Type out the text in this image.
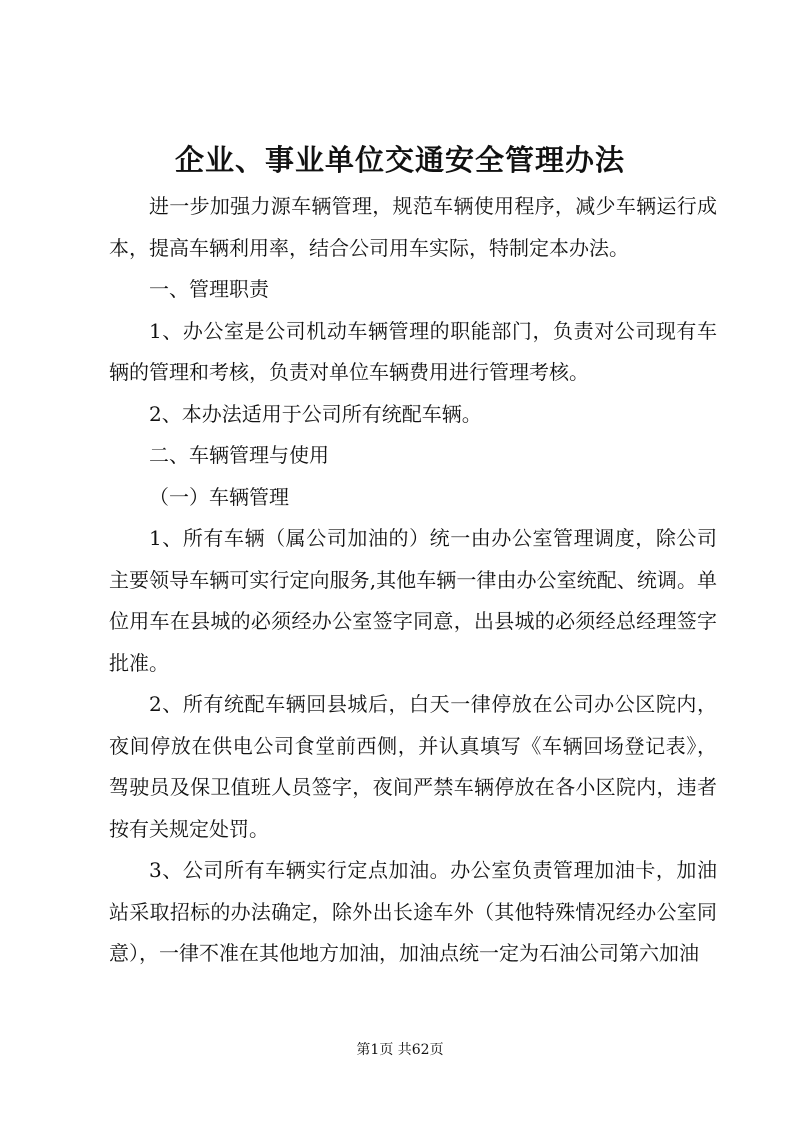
企业、事业单位交通安全管理办法

进一步加强力源车辆管理，规范车辆使用程序，减少车辆运行成本，提高车辆利用率，结合公司用车实际，特制定本办法。

一、管理职责

1、办公室是公司机动车辆管理的职能部门，负责对公司现有车辆的管理和考核，负责对单位车辆费用进行管理考核。

2、本办法适用于公司所有统配车辆。

二、车辆管理与使用

（一）车辆管理

1、所有车辆（属公司加油的）统一由办公室管理调度，除公司主要领导车辆可实行定向服务,其他车辆一律由办公室统配、统调。单位用车在县城的必须经办公室签字同意，出县城的必须经总经理签字批准。

2、所有统配车辆回县城后，白天一律停放在公司办公区院内，夜间停放在供电公司食堂前西侧，并认真填写《车辆回场登记表》，驾驶员及保卫值班人员签字，夜间严禁车辆停放在各小区院内，违者按有关规定处罚。

3、公司所有车辆实行定点加油。办公室负责管理加油卡，加油站采取招标的办法确定，除外出长途车外（其他特殊情况经办公室同意），一律不准在其他地方加油，加油点统一定为石油公司第六加油

第1页 共62页
